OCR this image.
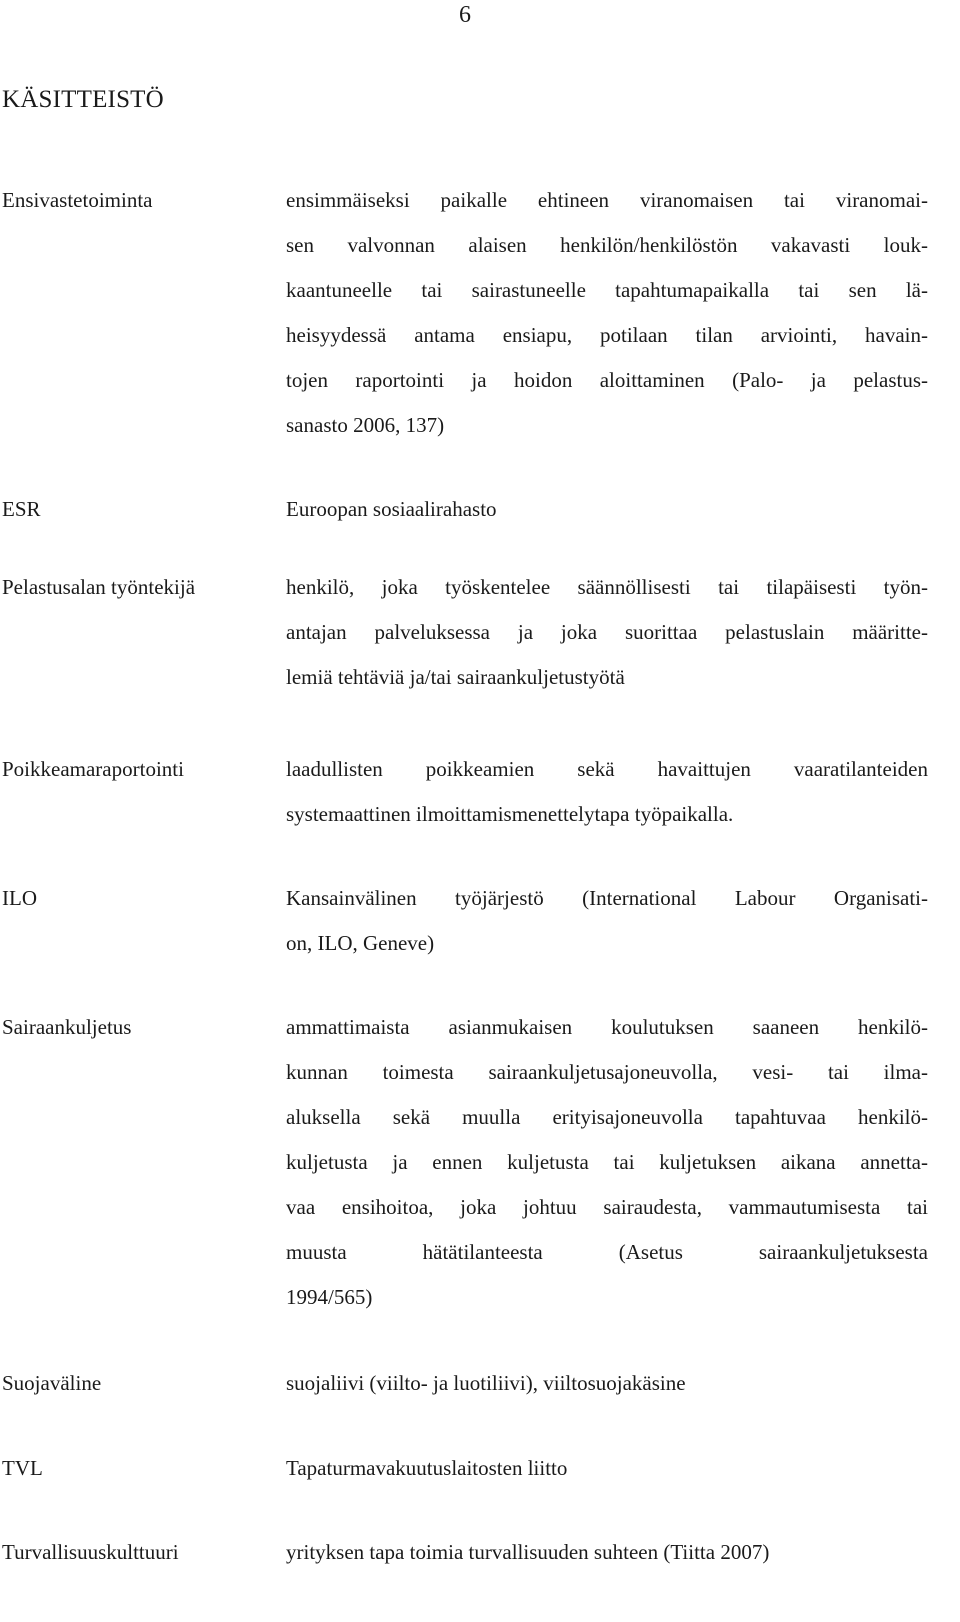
6
KÄSITTEISTÖ
Ensivastetoiminta	ensimmäiseksi paikalle ehtineen viranomaisen tai viranomai-
sen valvonnan alaisen henkilön/henkilöstön vakavasti louk-
kaantuneelle tai sairastuneelle tapahtumapaikalla tai sen lä-
heisyydessä antama ensiapu, potilaan tilan arviointi, havain-
tojen raportointi ja hoidon aloittaminen (Palo- ja pelastus-
sanasto 2006, 137)
ESR	Euroopan sosiaalirahasto
Pelastusalan työntekijä	henkilö, joka työskentelee säännöllisesti tai tilapäisesti työn-
antajan palveluksessa ja joka suorittaa pelastuslain määritte-
lemiä tehtäviä ja/tai sairaankuljetustyötä
Poikkeamaraportointi	laadullisten poikkeamien sekä havaittujen vaaratilanteiden
systemaattinen ilmoittamismenettelytapa työpaikalla.
ILO	Kansainvälinen työjärjestö (International Labour Organisati-
on, ILO, Geneve)
Sairaankuljetus	ammattimaista asianmukaisen koulutuksen saaneen henkilö-
kunnan toimesta sairaankuljetusajoneuvolla, vesi- tai ilma-
aluksella sekä muulla erityisajoneuvolla tapahtuvaa henkilö-
kuljetusta ja ennen kuljetusta tai kuljetuksen aikana annetta-
vaa ensihoitoa, joka johtuu sairaudesta, vammautumisesta tai
muusta hätätilanteesta (Asetus sairaankuljetuksesta
1994/565)
Suojaväline	suojaliivi (viilto- ja luotiliivi), viiltosuojakäsine
TVL	Tapaturmavakuutuslaitosten liitto
Turvallisuuskulttuuri	yrityksen tapa toimia turvallisuuden suhteen (Tiitta 2007)
